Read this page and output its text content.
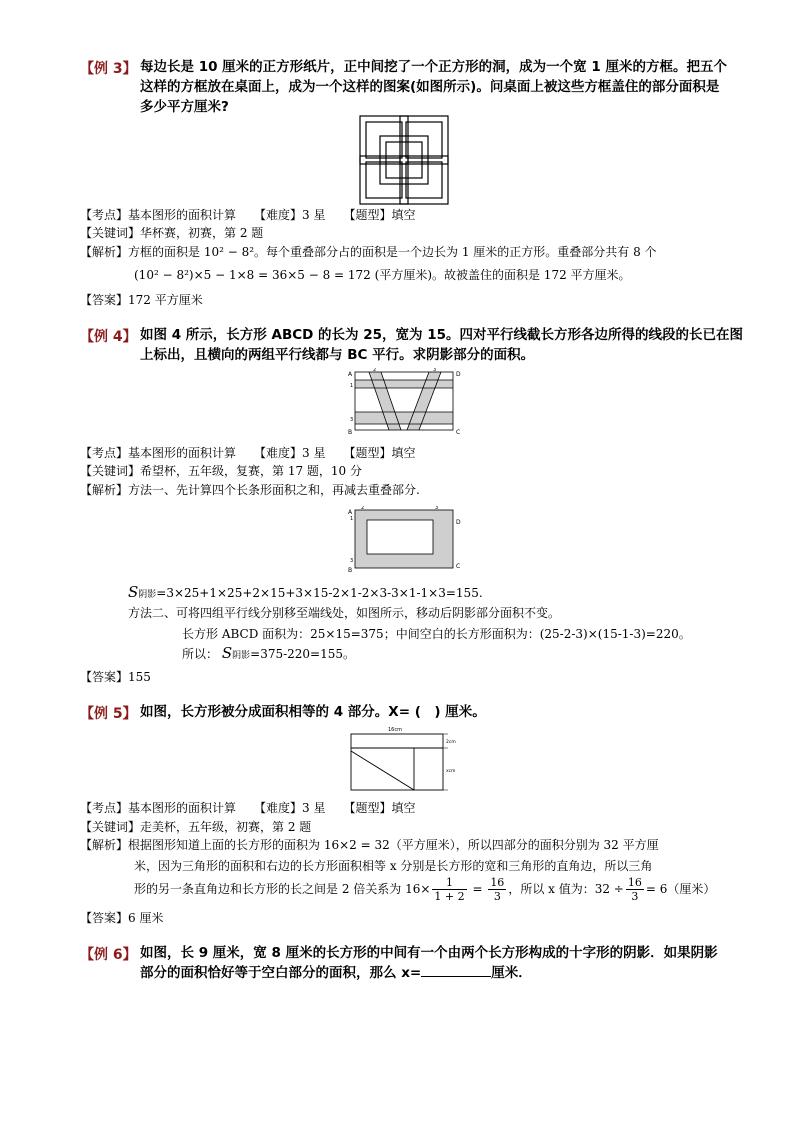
【例 3】 每边长是 10 厘米的正方形纸片，正中间挖了一个正方形的洞，成为一个宽 1 厘米的方框。把五个
这样的方框放在桌面上，成为一个这样的图案(如图所示)。问桌面上被这些方框盖住的部分面积是
多少平方厘米?
【考点】基本图形的面积计算　　【难度】3 星　　【题型】填空
【关键词】华杯赛，初赛，第 2 题
【解析】方框的面积是 10² − 8²。每个重叠部分占的面积是一个边长为 1 厘米的正方形。重叠部分共有 8 个
(10² − 8²)×5 − 1×8 = 36×5 − 8 = 172 (平方厘米)。故被盖住的面积是 172 平方厘米。
【答案】172 平方厘米
【例 4】 如图 4 所示，长方形 ABCD 的长为 25，宽为 15。四对平行线截长方形各边所得的线段的长已在图
上标出，且横向的两组平行线都与 BC 平行。求阴影部分的面积。
A
B	C
D
2	3
1
3
【考点】基本图形的面积计算　　【难度】3 星　　【题型】填空
【关键词】希望杯，五年级，复赛，第 17 题，10 分
【解析】方法一、先计算四个长条形面积之和，再减去重叠部分.
A
B
C
D
2	3
1
3
S阴影=3×25+1×25+2×15+3×15-2×1-2×3-3×1-1×3=155.
方法二、可将四组平行线分别移至端线处，如图所示，移动后阴影部分面积不变。
长方形 ABCD 面积为：25×15=375；中间空白的长方形面积为：(25-2-3)×(15-1-3)=220。
所以： S阴影=375-220=155。
【答案】155
【例 5】 如图，长方形被分成面积相等的 4 部分。X= (　) 厘米。
16cm
2cm
xcm
【考点】基本图形的面积计算　　【难度】3 星　　【题型】填空
【关键词】走美杯，五年级，初赛，第 2 题
【解析】根据图形知道上面的长方形的面积为 16×2 = 32（平方厘米），所以四部分的面积分别为 32 平方厘
米，因为三角形的面积和右边的长方形面积相等 x 分别是长方形的宽和三角形的直角边，所以三角
形的另一条直角边和长方形的长之间是 2 倍关系为 $16\times \frac{1}{1 + 2} = \frac{16}{3}$ ，所以 x 值为：$32 \div \frac{16}{3} = 6$（厘米）
【答案】6 厘米
【例 6】 如图，长 9 厘米，宽 8 厘米的长方形的中间有一个由两个长方形构成的十字形的阴影．如果阴影
部分的面积恰好等于空白部分的面积，那么 x=	厘米．
